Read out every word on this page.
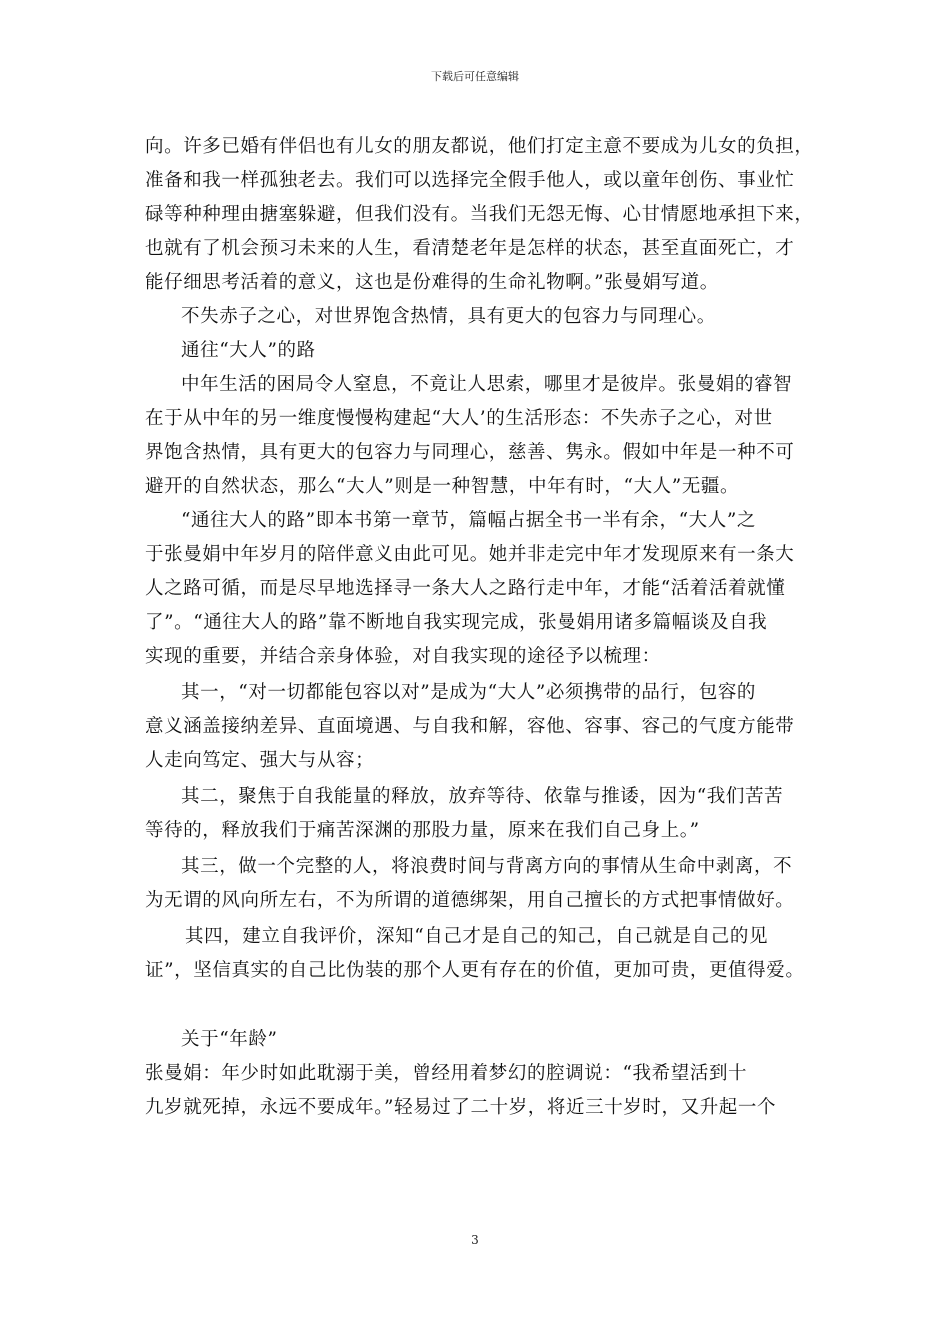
下载后可任意编辑
向。许多已婚有伴侣也有儿女的朋友都说，他们打定主意不要成为儿女的负担，
准备和我一样孤独老去。我们可以选择完全假手他人，或以童年创伤、事业忙
碌等种种理由搪塞躲避，但我们没有。当我们无怨无悔、心甘情愿地承担下来，
也就有了机会预习未来的人生，看清楚老年是怎样的状态，甚至直面死亡，才
能仔细思考活着的意义，这也是份难得的生命礼物啊。”张曼娟写道。
不失赤子之心，对世界饱含热情，具有更大的包容力与同理心。
通往“大人”的路
中年生活的困局令人窒息，不竟让人思索，哪里才是彼岸。张曼娟的睿智
在于从中年的另一维度慢慢构建起“大人’的生活形态：不失赤子之心，对世
界饱含热情，具有更大的包容力与同理心，慈善、隽永。假如中年是一种不可
避开的自然状态，那么“大人”则是一种智慧，中年有时，“大人”无疆。
“通往大人的路”即本书第一章节，篇幅占据全书一半有余，“大人”之
于张曼娟中年岁月的陪伴意义由此可见。她并非走完中年才发现原来有一条大
人之路可循，而是尽早地选择寻一条大人之路行走中年，才能“活着活着就懂
了”。“通往大人的路”靠不断地自我实现完成，张曼娟用诸多篇幅谈及自我
实现的重要，并结合亲身体验，对自我实现的途径予以梳理：
其一，“对一切都能包容以对”是成为“大人”必须携带的品行，包容的
意义涵盖接纳差异、直面境遇、与自我和解，容他、容事、容己的气度方能带
人走向笃定、强大与从容；
其二，聚焦于自我能量的释放，放弃等待、依靠与推诿，因为“我们苦苦
等待的，释放我们于痛苦深渊的那股力量，原来在我们自己身上。”
其三，做一个完整的人，将浪费时间与背离方向的事情从生命中剥离，不
为无谓的风向所左右，不为所谓的道德绑架，用自己擅长的方式把事情做好。
其四，建立自我评价，深知“自己才是自己的知己，自己就是自己的见
证”，坚信真实的自己比伪装的那个人更有存在的价值，更加可贵，更值得爱。
关于“年龄”
张曼娟：年少时如此耽溺于美，曾经用着梦幻的腔调说：“我希望活到十
九岁就死掉，永远不要成年。”轻易过了二十岁，将近三十岁时，又升起一个
3
